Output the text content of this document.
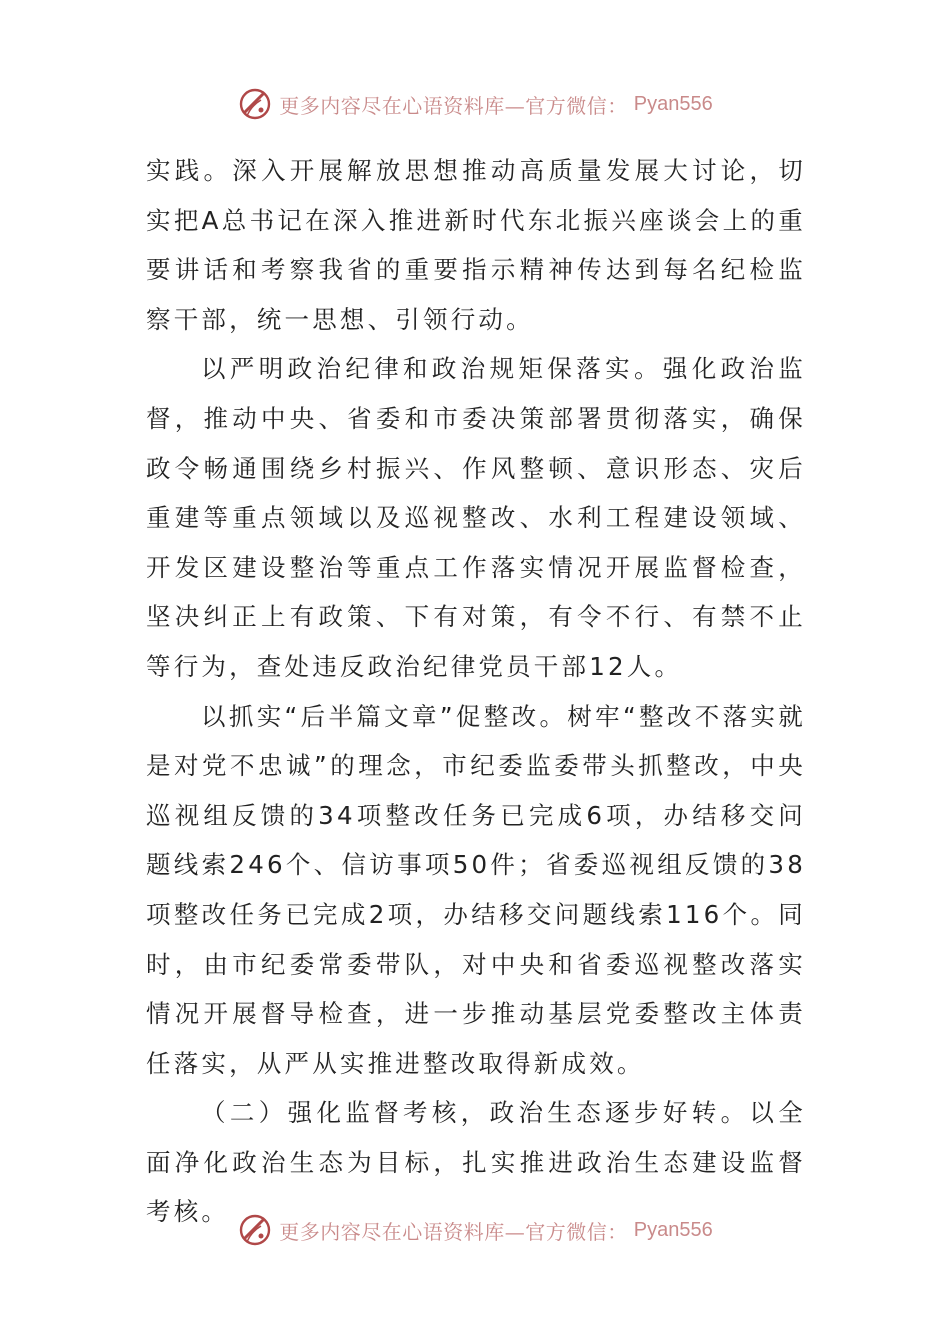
更多内容尽在心语资料库—官方微信： Pyan556

实践。深入开展解放思想推动高质量发展大讨论，切实把A总书记在深入推进新时代东北振兴座谈会上的重要讲话和考察我省的重要指示精神传达到每名纪检监察干部，统一思想、引领行动。

以严明政治纪律和政治规矩保落实。强化政治监督，推动中央、省委和市委决策部署贯彻落实，确保政令畅通围绕乡村振兴、作风整顿、意识形态、灾后重建等重点领域以及巡视整改、水利工程建设领域、开发区建设整治等重点工作落实情况开展监督检查，坚决纠正上有政策、下有对策，有令不行、有禁不止等行为，查处违反政治纪律党员干部12人。

以抓实“后半篇文章”促整改。树牢“整改不落实就是对党不忠诚”的理念，市纪委监委带头抓整改，中央巡视组反馈的34项整改任务已完成6项，办结移交问题线索246个、信访事项50件；省委巡视组反馈的38项整改任务已完成2项，办结移交问题线索116个。同时，由市纪委常委带队，对中央和省委巡视整改落实情况开展督导检查，进一步推动基层党委整改主体责任落实，从严从实推进整改取得新成效。

（二）强化监督考核，政治生态逐步好转。以全面净化政治生态为目标，扎实推进政治生态建设监督考核。

更多内容尽在心语资料库—官方微信： Pyan556
